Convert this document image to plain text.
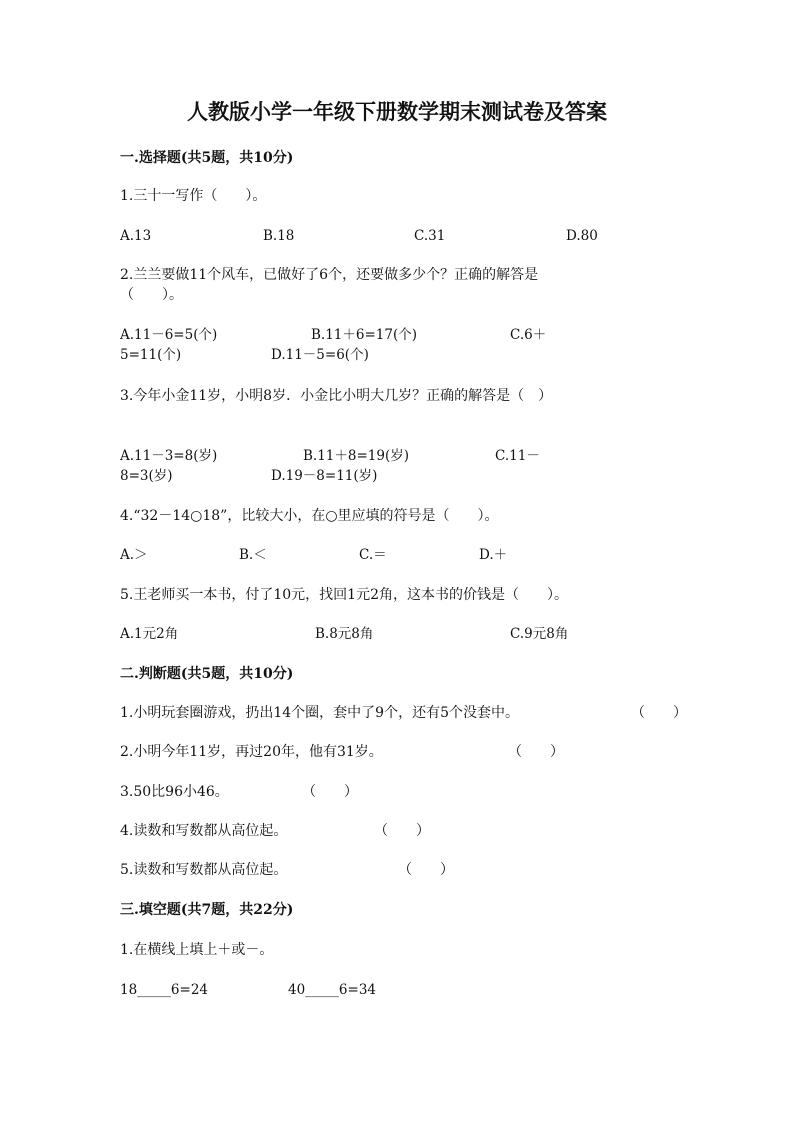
人教版小学一年级下册数学期末测试卷及答案
一.选择题(共5题，共10分)
1.三十一写作（　　）。
A.13	B.18	C.31	D.80
2.兰兰要做11个风车，已做好了6个，还要做多少个？正确的解答是
（　　）。
A.11－6=5(个)	B.11＋6=17(个)	C.6＋
5=11(个)	D.11－5=6(个)
3.今年小金11岁，小明8岁．小金比小明大几岁？正确的解答是（　）
A.11－3=8(岁)	B.11＋8=19(岁)	C.11－
8=3(岁)	D.19－8=11(岁)
4.“32－14○18”，比较大小，在○里应填的符号是（　　）。
A.＞	B.＜	C.＝	D.＋
5.王老师买一本书，付了10元，找回1元2角，这本书的价钱是（　　）。
A.1元2角	B.8元8角	C.9元8角
二.判断题(共5题，共10分)
1.小明玩套圈游戏，扔出14个圈，套中了9个，还有5个没套中。	（　　）
2.小明今年11岁，再过20年，他有31岁。	（　　）
3.50比96小46。	（　　）
4.读数和写数都从高位起。	（　　）
5.读数和写数都从高位起。	（　　）
三.填空题(共7题，共22分)
1.在横线上填上＋或－。
18_____6=24	40_____6=34
